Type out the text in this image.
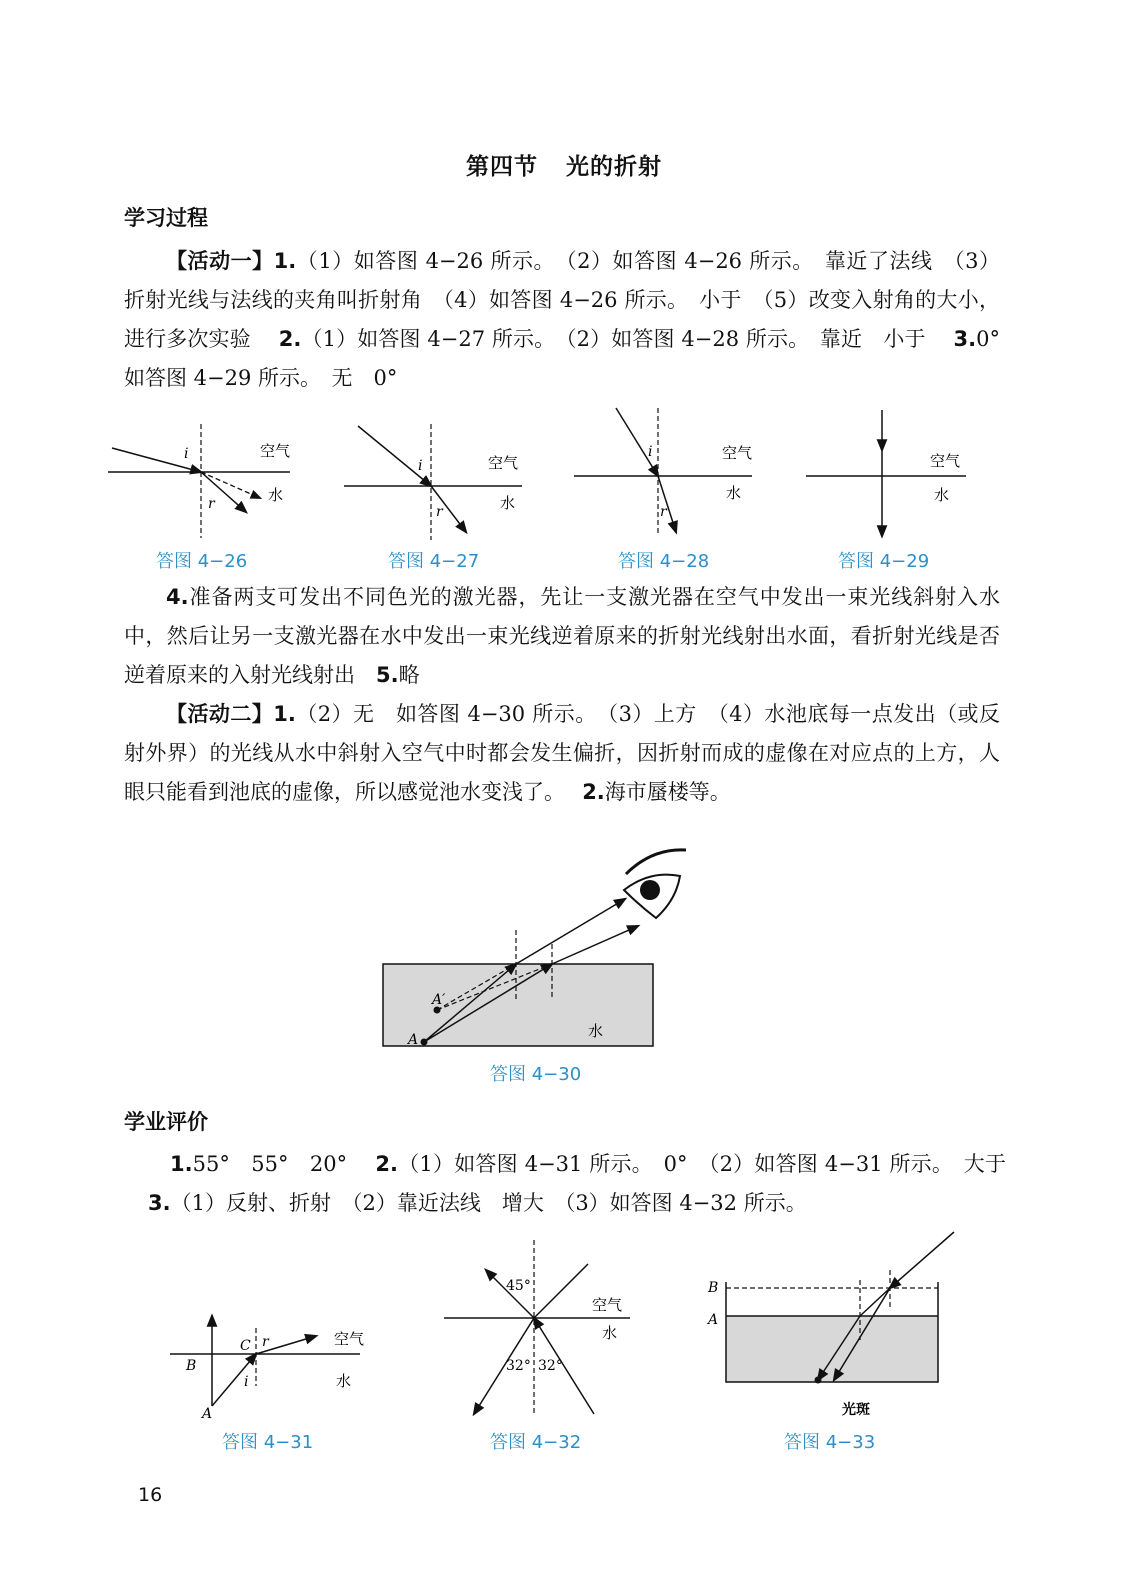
第四节 光的折射
学习过程

【活动一】1.（1）如答图 4−26 所示。　（2）如答图 4−26 所示。　靠近了法线　（3）折射光线与法线的夹角叫折射角　（4）如答图 4−26 所示。　小于　（5）改变入射角的大小，进行多次实验　 2.（1）如答图 4−27 所示。　（2）如答图 4−28 所示。　靠近　小于　 3.0°　如答图 4−29 所示。　无　0°

i
r
空气
水
答图 4−26
i
r
空气
水
答图 4−27
i
r
空气
水
答图 4−28
空气
水
答图 4−29

4.准备两支可发出不同色光的激光器，先让一支激光器在空气中发出一束光线斜射入水中，然后让另一支激光器在水中发出一束光线逆着原来的折射光线射出水面，看折射光线是否逆着原来的入射光线射出　5.略

【活动二】1.（2）无　如答图 4−30 所示。　（3）上方　（4）水池底每一点发出（或反射外界）的光线从水中斜射入空气中时都会发生偏折，因折射而成的虚像在对应点的上方，人眼只能看到池底的虚像，所以感觉池水变浅了。　 2.海市蜃楼等。

A
A′
水
答图 4−30
学业评价

1.55°　55°　20°　 2.（1）如答图 4−31 所示。　0°　（2）如答图 4−31 所示。　大于　 3.（1）反射、折射　（2）靠近法线　增大　（3）如答图 4−32 所示。

A
B
C
i
r	空气
水
答图 4−31
45°
32° 32°
空气
水
答图 4−32
B
A
光斑
答图 4−33
16
